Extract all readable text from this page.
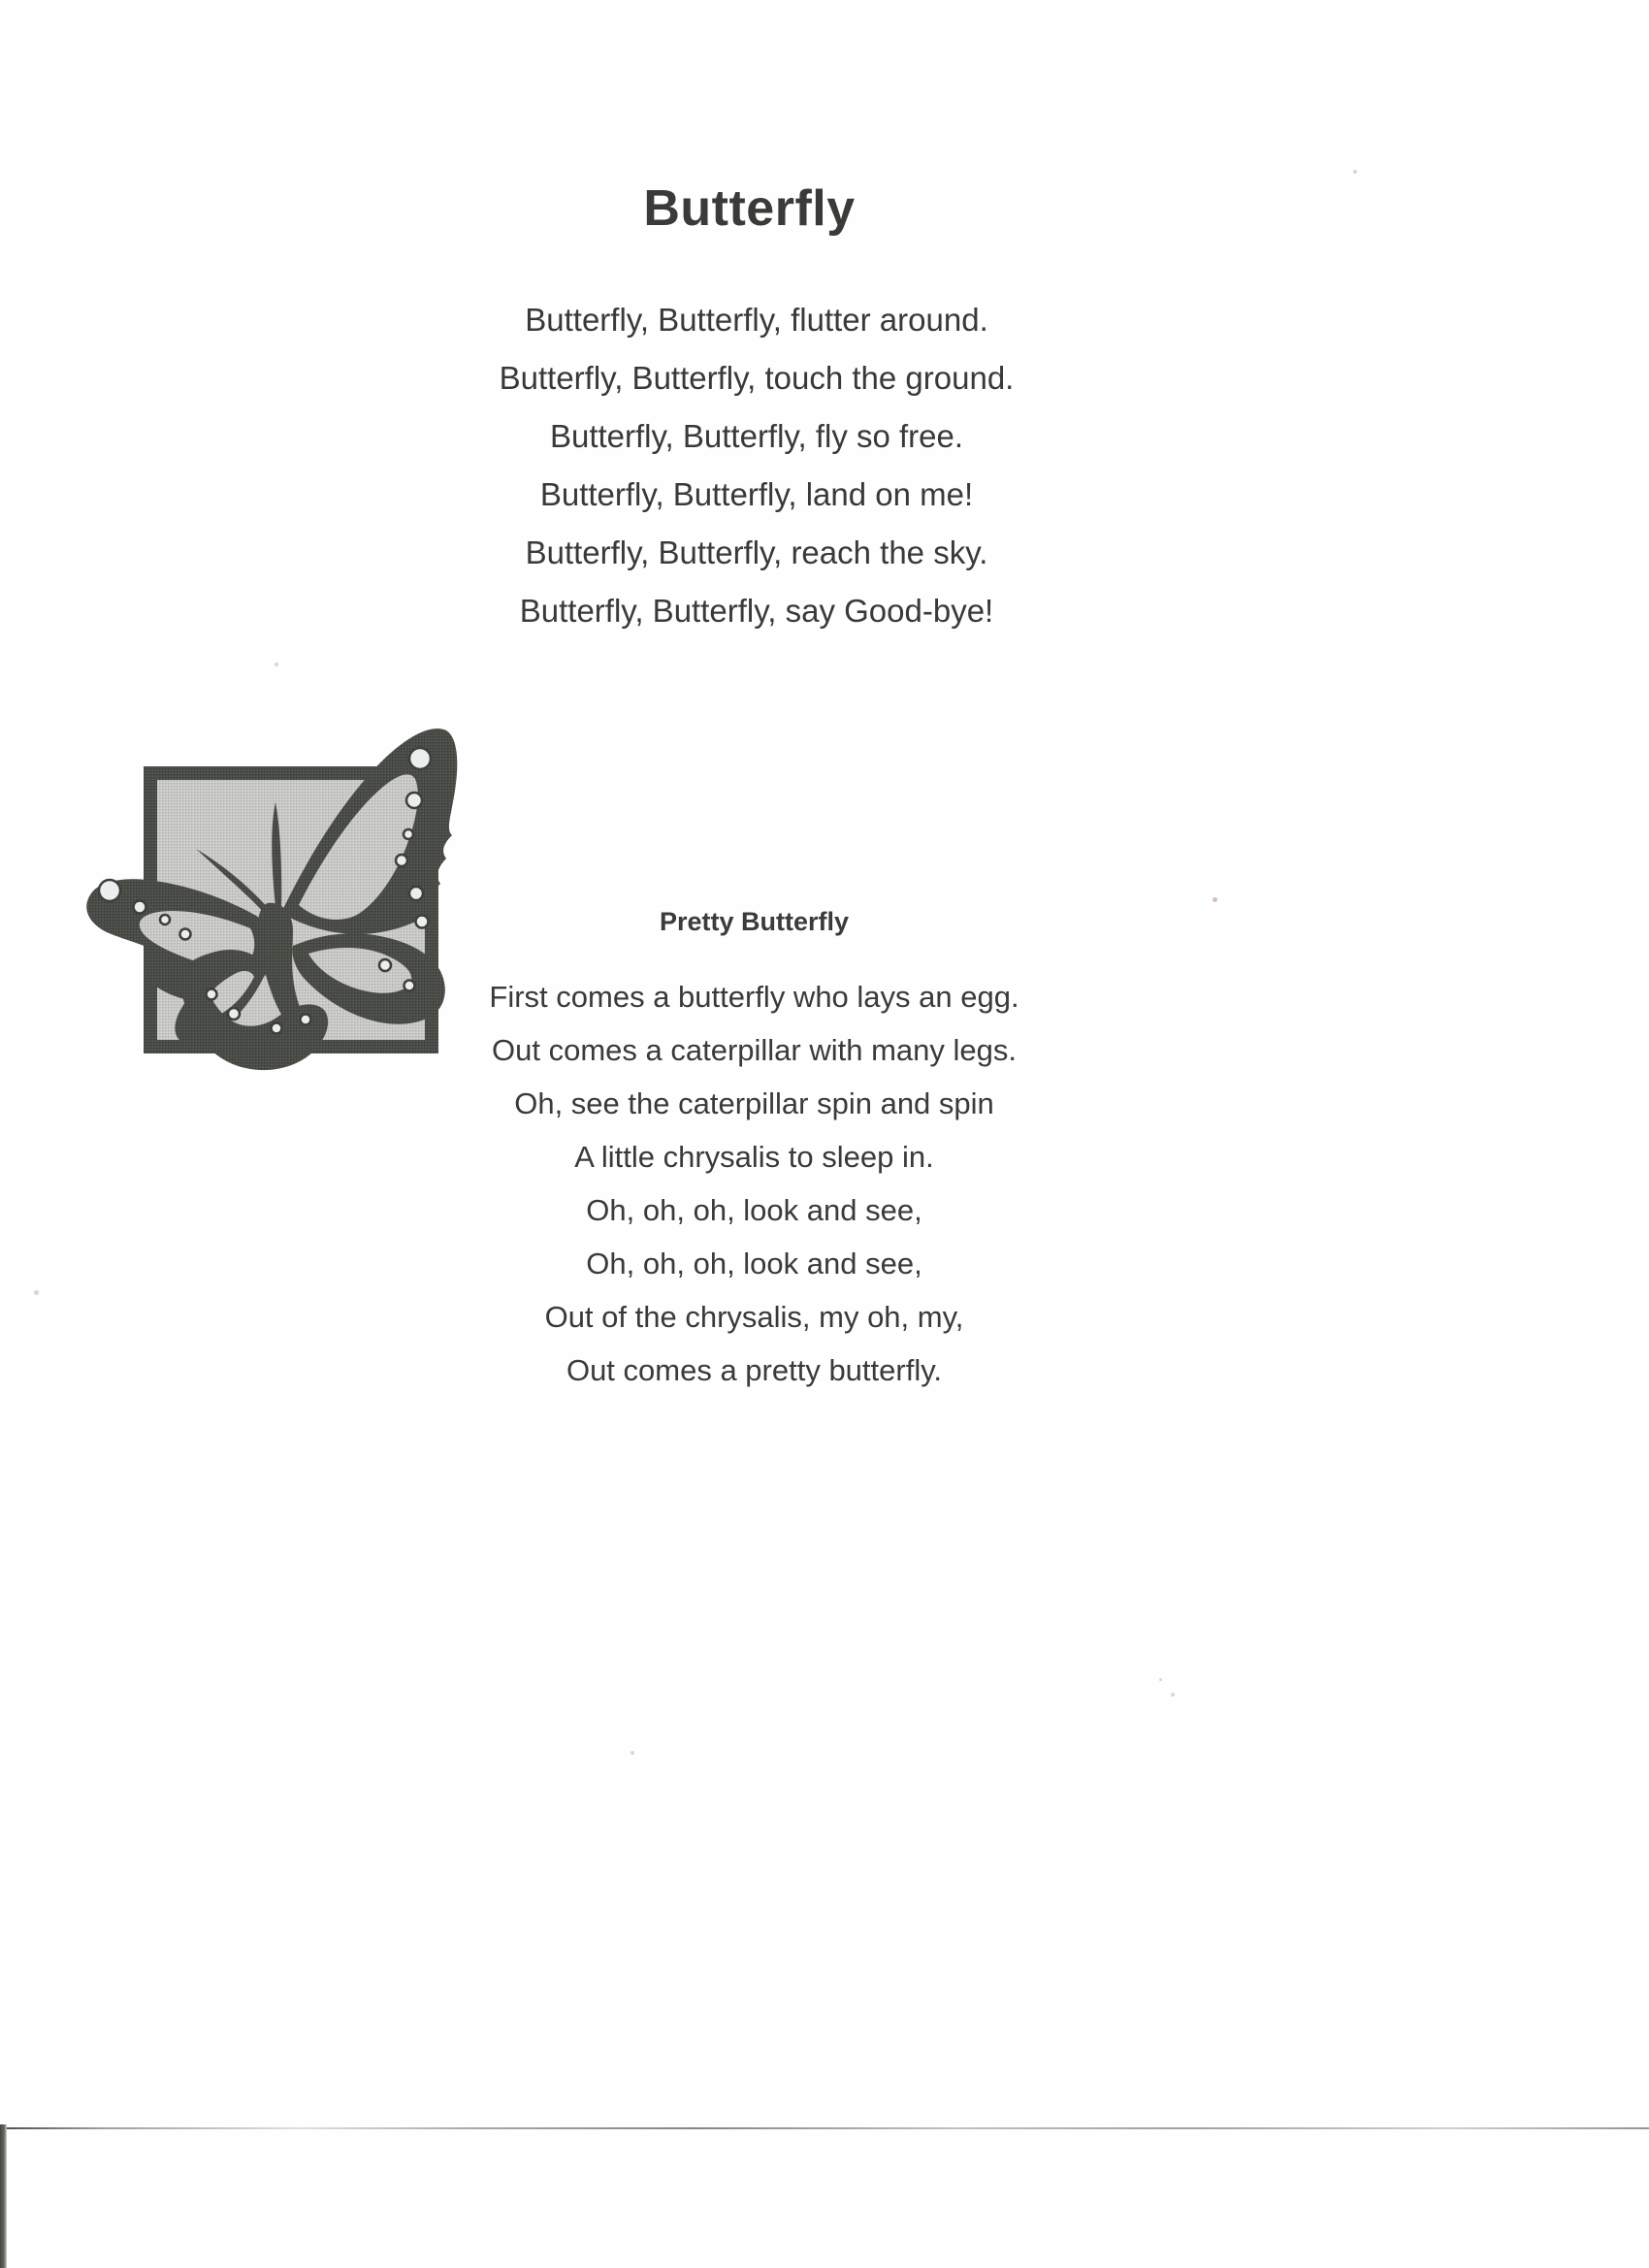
Butterfly
Butterfly, Butterfly, flutter around.
Butterfly, Butterfly, touch the ground.
Butterfly, Butterfly, fly so free.
Butterfly, Butterfly, land on me!
Butterfly, Butterfly, reach the sky.
Butterfly, Butterfly, say Good-bye!
Pretty Butterfly
First comes a butterfly who lays an egg.
Out comes a caterpillar with many legs.
Oh, see the caterpillar spin and spin
A little chrysalis to sleep in.
Oh, oh, oh, look and see,
Oh, oh, oh, look and see,
Out of the chrysalis, my oh, my,
Out comes a pretty butterfly.
